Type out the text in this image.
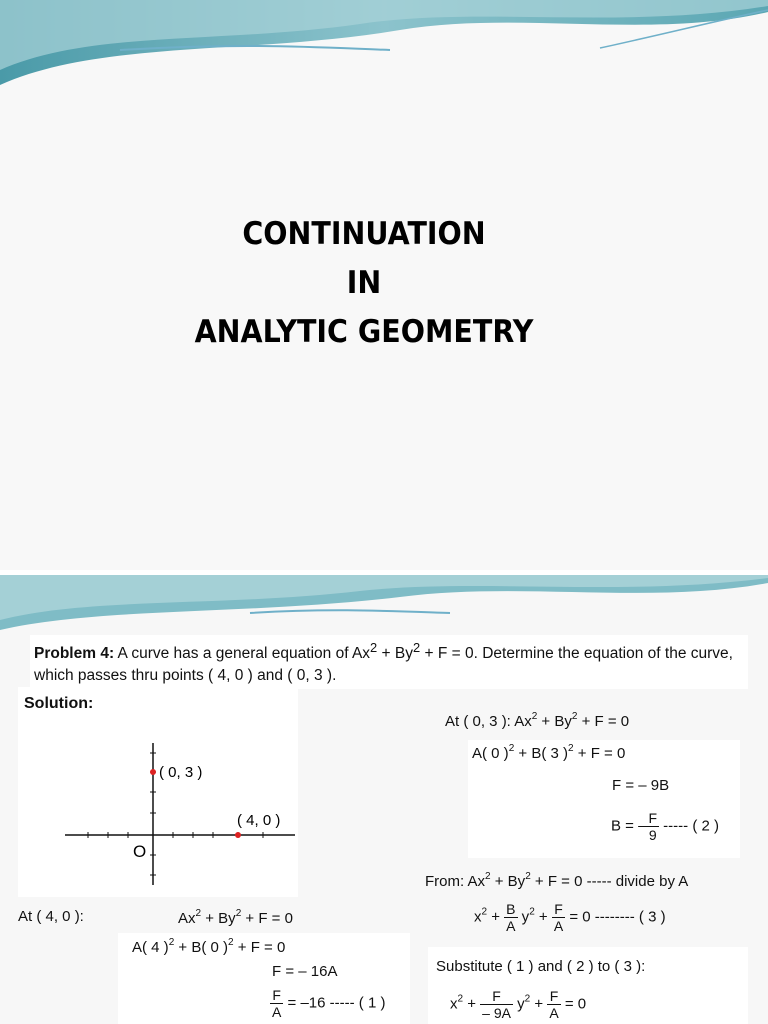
CONTINUATION
IN
ANALYTIC GEOMETRY
Problem 4: A curve has a general equation of $Ax^2 + By^2 + F = 0$. Determine the equation of the curve, which passes thru points ( 4, 0 ) and ( 0, 3 ).
Solution:
( 0, 3 )
( 4, 0 )
O
At ( 0, 3 ): $Ax^2 + By^2 + F = 0$
A( 0 )$^2$ + B( 3 )$^2$ + F = 0
F = – 9B
B = – $\frac{F}{9}$ ----- ( 2 )
From: $Ax^2 + By^2 + F = 0$ ----- divide by A
$x^2 + \frac{B}{A} y^2 + \frac{F}{A} = 0$ -------- ( 3 )
Substitute ( 1 ) and ( 2 ) to ( 3 ):
$x^2 + \frac{F}{- 9A} y^2 + \frac{F}{A} = 0$
At ( 4, 0 ):	$Ax^2 + By^2 + F = 0$
A( 4 )$^2$ + B( 0 )$^2$ + F = 0
F = – 16A
$\frac{F}{A} = -16$ ----- ( 1 )
